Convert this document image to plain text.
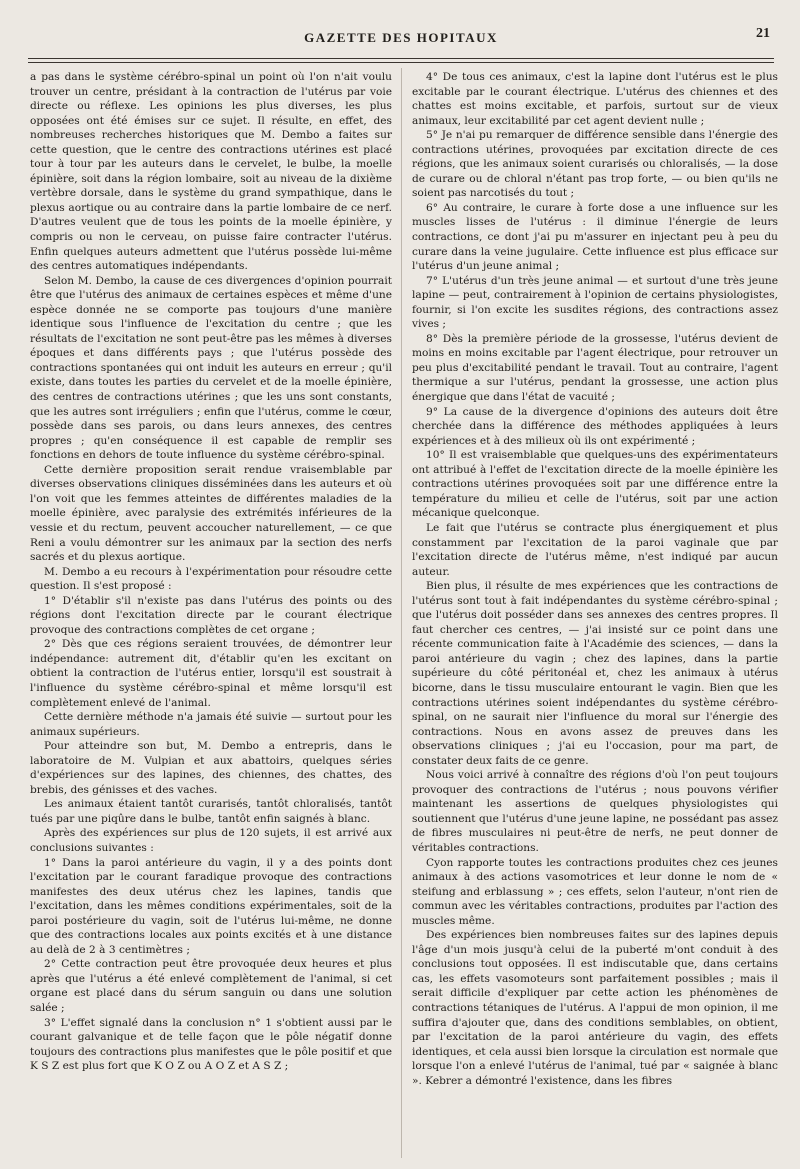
GAZETTE DES HOPITAUX	21

a pas dans le système cérébro-spinal un point où l'on n'ait voulu trouver un centre, présidant à la contraction de l'utérus par voie directe ou réflexe. Les opinions les plus diverses, les plus opposées ont été émises sur ce sujet. Il résulte, en effet, des nombreuses recherches historiques que M. Dembo a faites sur cette question, que le centre des contractions utérines est placé tour à tour par les auteurs dans le cervelet, le bulbe, la moelle épinière, soit dans la région lombaire, soit au niveau de la dixième vertèbre dorsale, dans le système du grand sympathique, dans le plexus aortique ou au contraire dans la partie lombaire de ce nerf. D'autres veulent que de tous les points de la moelle épinière, y compris ou non le cerveau, on puisse faire contracter l'utérus. Enfin quelques auteurs admettent que l'utérus possède lui-même des centres automatiques indépendants.

Selon M. Dembo, la cause de ces divergences d'opinion pourrait être que l'utérus des animaux de certaines espèces et même d'une espèce donnée ne se comporte pas toujours d'une manière identique sous l'influence de l'excitation du centre ; que les résultats de l'excitation ne sont peut-être pas les mêmes à diverses époques et dans différents pays ; que l'utérus possède des contractions spontanées qui ont induit les auteurs en erreur ; qu'il existe, dans toutes les parties du cervelet et de la moelle épinière, des centres de contractions utérines ; que les uns sont constants, que les autres sont irréguliers ; enfin que l'utérus, comme le cœur, possède dans ses parois, ou dans leurs annexes, des centres propres ; qu'en conséquence il est capable de remplir ses fonctions en dehors de toute influence du système cérébro-spinal.

Cette dernière proposition serait rendue vraisemblable par diverses observations cliniques disséminées dans les auteurs et où l'on voit que les femmes atteintes de différentes maladies de la moelle épinière, avec paralysie des extrémités inférieures de la vessie et du rectum, peuvent accoucher naturellement, — ce que Reni a voulu démontrer sur les animaux par la section des nerfs sacrés et du plexus aortique.

M. Dembo a eu recours à l'expérimentation pour résoudre cette question. Il s'est proposé :

1° D'établir s'il n'existe pas dans l'utérus des points ou des régions dont l'excitation directe par le courant électrique provoque des contractions complètes de cet organe ;

2° Dès que ces régions seraient trouvées, de démontrer leur indépendance: autrement dit, d'établir qu'en les excitant on obtient la contraction de l'utérus entier, lorsqu'il est soustrait à l'influence du système cérébro-spinal et même lorsqu'il est complètement enlevé de l'animal.

Cette dernière méthode n'a jamais été suivie — surtout pour les animaux supérieurs.

Pour atteindre son but, M. Dembo a entrepris, dans le laboratoire de M. Vulpian et aux abattoirs, quelques séries d'expériences sur des lapines, des chiennes, des chattes, des brebis, des génisses et des vaches.

Les animaux étaient tantôt curarisés, tantôt chloralisés, tantôt tués par une piqûre dans le bulbe, tantôt enfin saignés à blanc.

Après des expériences sur plus de 120 sujets, il est arrivé aux conclusions suivantes :

1° Dans la paroi antérieure du vagin, il y a des points dont l'excitation par le courant faradique provoque des contractions manifestes des deux utérus chez les lapines, tandis que l'excitation, dans les mêmes conditions expérimentales, soit de la paroi postérieure du vagin, soit de l'utérus lui-même, ne donne que des contractions locales aux points excités et à une distance au delà de 2 à 3 centimètres ;

2° Cette contraction peut être provoquée deux heures et plus après que l'utérus a été enlevé complètement de l'animal, si cet organe est placé dans du sérum sanguin ou dans une solution salée ;

3° L'effet signalé dans la conclusion n° 1 s'obtient aussi par le courant galvanique et de telle façon que le pôle négatif donne toujours des contractions plus manifestes que le pôle positif et que K S Z est plus fort que K O Z ou A O Z et A S Z ;

4° De tous ces animaux, c'est la lapine dont l'utérus est le plus excitable par le courant électrique. L'utérus des chiennes et des chattes est moins excitable, et parfois, surtout sur de vieux animaux, leur excitabilité par cet agent devient nulle ;

5° Je n'ai pu remarquer de différence sensible dans l'énergie des contractions utérines, provoquées par excitation directe de ces régions, que les animaux soient curarisés ou chloralisés, — la dose de curare ou de chloral n'étant pas trop forte, — ou bien qu'ils ne soient pas narcotisés du tout ;

6° Au contraire, le curare à forte dose a une influence sur les muscles lisses de l'utérus : il diminue l'énergie de leurs contractions, ce dont j'ai pu m'assurer en injectant peu à peu du curare dans la veine jugulaire. Cette influence est plus efficace sur l'utérus d'un jeune animal ;

7° L'utérus d'un très jeune animal — et surtout d'une très jeune lapine — peut, contrairement à l'opinion de certains physiologistes, fournir, si l'on excite les susdites régions, des contractions assez vives ;

8° Dès la première période de la grossesse, l'utérus devient de moins en moins excitable par l'agent électrique, pour retrouver un peu plus d'excitabilité pendant le travail. Tout au contraire, l'agent thermique a sur l'utérus, pendant la grossesse, une action plus énergique que dans l'état de vacuité ;

9° La cause de la divergence d'opinions des auteurs doit être cherchée dans la différence des méthodes appliquées à leurs expériences et à des milieux où ils ont expérimenté ;

10° Il est vraisemblable que quelques-uns des expérimentateurs ont attribué à l'effet de l'excitation directe de la moelle épinière les contractions utérines provoquées soit par une différence entre la température du milieu et celle de l'utérus, soit par une action mécanique quelconque.

Le fait que l'utérus se contracte plus énergiquement et plus constamment par l'excitation de la paroi vaginale que par l'excitation directe de l'utérus même, n'est indiqué par aucun auteur.

Bien plus, il résulte de mes expériences que les contractions de l'utérus sont tout à fait indépendantes du système cérébro-spinal ; que l'utérus doit posséder dans ses annexes des centres propres. Il faut chercher ces centres, — j'ai insisté sur ce point dans une récente communication faite à l'Académie des sciences, — dans la paroi antérieure du vagin ; chez des lapines, dans la partie supérieure du côté péritonéal et, chez les animaux à utérus bicorne, dans le tissu musculaire entourant le vagin. Bien que les contractions utérines soient indépendantes du système cérébro-spinal, on ne saurait nier l'influence du moral sur l'énergie des contractions. Nous en avons assez de preuves dans les observations cliniques ; j'ai eu l'occasion, pour ma part, de constater deux faits de ce genre.

Nous voici arrivé à connaître des régions d'où l'on peut toujours provoquer des contractions de l'utérus ; nous pouvons vérifier maintenant les assertions de quelques physiologistes qui soutiennent que l'utérus d'une jeune lapine, ne possédant pas assez de fibres musculaires ni peut-être de nerfs, ne peut donner de véritables contractions.

Cyon rapporte toutes les contractions produites chez ces jeunes animaux à des actions vasomotrices et leur donne le nom de « steifung and erblassung » ; ces effets, selon l'auteur, n'ont rien de commun avec les véritables contractions, produites par l'action des muscles même.

Des expériences bien nombreuses faites sur des lapines depuis l'âge d'un mois jusqu'à celui de la puberté m'ont conduit à des conclusions tout opposées. Il est indiscutable que, dans certains cas, les effets vasomoteurs sont parfaitement possibles ; mais il serait difficile d'expliquer par cette action les phénomènes de contractions tétaniques de l'utérus. A l'appui de mon opinion, il me suffira d'ajouter que, dans des conditions semblables, on obtient, par l'excitation de la paroi antérieure du vagin, des effets identiques, et cela aussi bien lorsque la circulation est normale que lorsque l'on a enlevé l'utérus de l'animal, tué par « saignée à blanc ». Kebrer a démontré l'existence, dans les fibres
